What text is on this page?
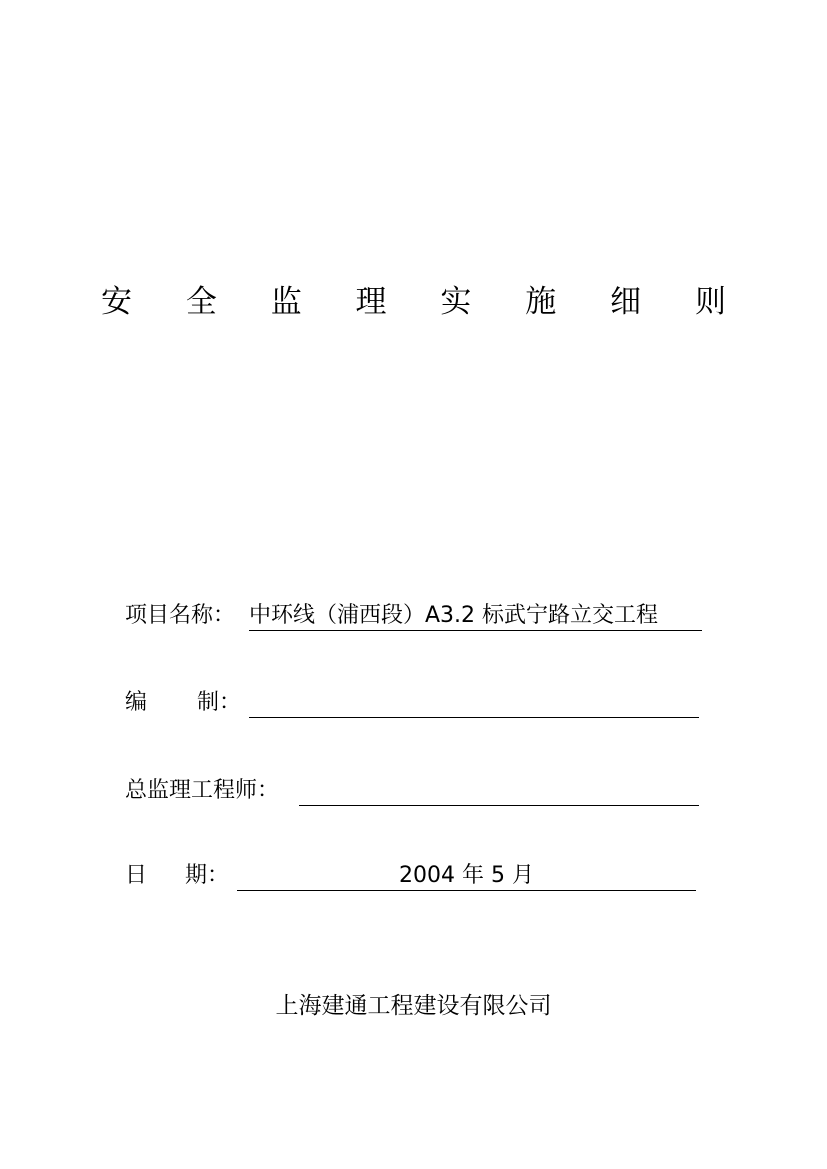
安 全 监 理 实 施 细 则
项目名称： 中环线（浦西段）A3.2 标武宁路立交工程
编 制：
总监理工程师：
日 期：	2004 年 5 月
上海建通工程建设有限公司
